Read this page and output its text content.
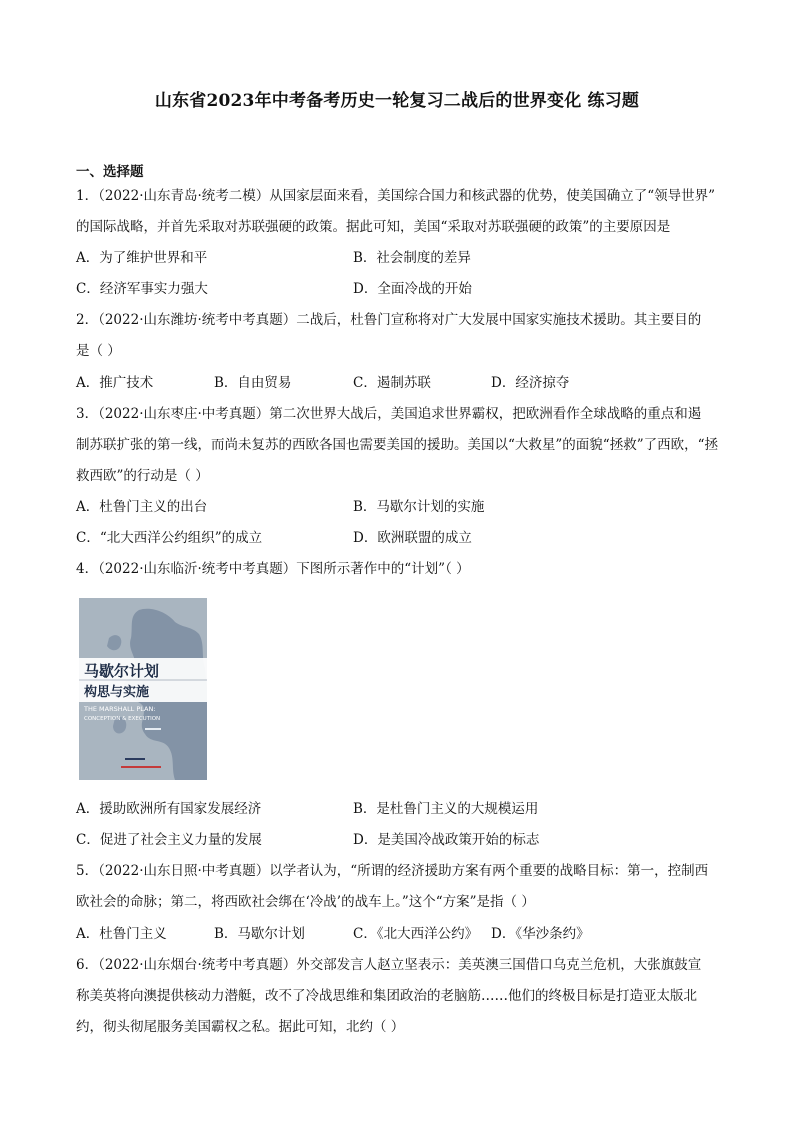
山东省2023年中考备考历史一轮复习二战后的世界变化 练习题
一、选择题
1．（2022·山东青岛·统考二模）从国家层面来看，美国综合国力和核武器的优势，使美国确立了“领导世界”
的国际战略，并首先采取对苏联强硬的政策。据此可知，美国“采取对苏联强硬的政策”的主要原因是
A．为了维护世界和平	B．社会制度的差异
C．经济军事实力强大	D．全面冷战的开始
2．（2022·山东潍坊·统考中考真题）二战后，杜鲁门宣称将对广大发展中国家实施技术援助。其主要目的
是（ ）
A．推广技术	B．自由贸易	C．遏制苏联	D．经济掠夺
3．（2022·山东枣庄·中考真题）第二次世界大战后，美国追求世界霸权，把欧洲看作全球战略的重点和遏
制苏联扩张的第一线，而尚未复苏的西欧各国也需要美国的援助。美国以“大救星”的面貌“拯救”了西欧，“拯
救西欧”的行动是（ ）
A．杜鲁门主义的出台	B．马歇尔计划的实施
C．“北大西洋公约组织”的成立	D．欧洲联盟的成立
4．（2022·山东临沂·统考中考真题）下图所示著作中的“计划”（ ）
马歇尔计划
构思与实施
THE MARSHALL PLAN:
CONCEPTION & EXECUTION
A．援助欧洲所有国家发展经济	B．是杜鲁门主义的大规模运用
C．促进了社会主义力量的发展	D．是美国冷战政策开始的标志
5．（2022·山东日照·中考真题）以学者认为，“所谓的经济援助方案有两个重要的战略目标：第一，控制西
欧社会的命脉；第二，将西欧社会绑在‘冷战’的战车上。”这个“方案”是指（ ）
A．杜鲁门主义	B．马歇尔计划	C．《北大西洋公约》 D．《华沙条约》
6．（2022·山东烟台·统考中考真题）外交部发言人赵立坚表示：美英澳三国借口乌克兰危机，大张旗鼓宣
称美英将向澳提供核动力潜艇，改不了冷战思维和集团政治的老脑筋……他们的终极目标是打造亚太版北
约，彻头彻尾服务美国霸权之私。据此可知，北约（ ）
